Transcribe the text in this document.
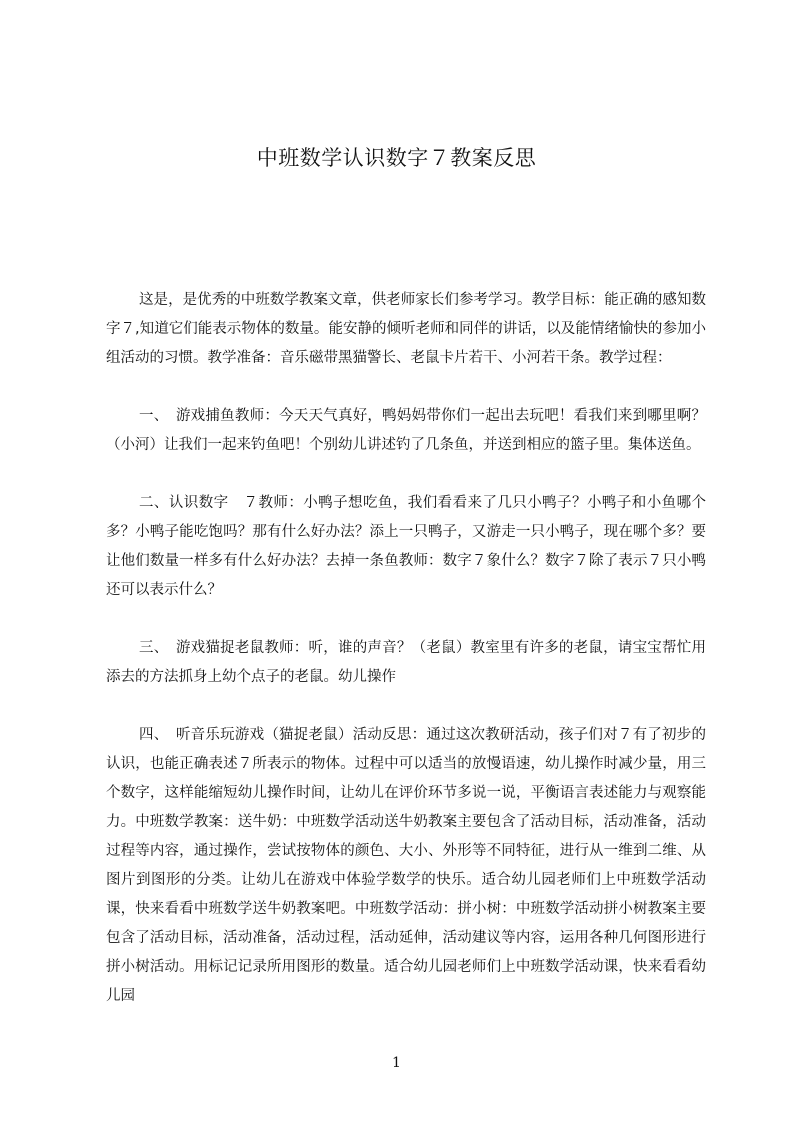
中班数学认识数字７教案反思

这是，是优秀的中班数学教案文章，供老师家长们参考学习。教学目标：能正确的感知数字７,知道它们能表示物体的数量。能安静的倾听老师和同伴的讲话，以及能情绪愉快的参加小组活动的习惯。教学准备：音乐磁带黑猫警长、老鼠卡片若干、小河若干条。教学过程：

一、　游戏捕鱼教师：今天天气真好，鸭妈妈带你们一起出去玩吧！看我们来到哪里啊？（小河）让我们一起来钓鱼吧！个别幼儿讲述钓了几条鱼，并送到相应的篮子里。集体送鱼。

二、认识数字　７教师：小鸭子想吃鱼，我们看看来了几只小鸭子？小鸭子和小鱼哪个多？小鸭子能吃饱吗？那有什么好办法？添上一只鸭子，又游走一只小鸭子，现在哪个多？要让他们数量一样多有什么好办法？去掉一条鱼教师：数字７象什么？数字７除了表示７只小鸭还可以表示什么？

三、　游戏猫捉老鼠教师：听，谁的声音？（老鼠）教室里有许多的老鼠，请宝宝帮忙用添去的方法抓身上幼个点子的老鼠。幼儿操作

四、　听音乐玩游戏（猫捉老鼠）活动反思：通过这次教研活动，孩子们对７有了初步的认识，也能正确表述７所表示的物体。过程中可以适当的放慢语速，幼儿操作时减少量，用三个数字，这样能缩短幼儿操作时间，让幼儿在评价环节多说一说，平衡语言表述能力与观察能力。中班数学教案：送牛奶：中班数学活动送牛奶教案主要包含了活动目标，活动准备，活动过程等内容，通过操作，尝试按物体的颜色、大小、外形等不同特征，进行从一维到二维、从图片到图形的分类。让幼儿在游戏中体验学数学的快乐。适合幼儿园老师们上中班数学活动课，快来看看中班数学送牛奶教案吧。中班数学活动：拼小树：中班数学活动拼小树教案主要包含了活动目标，活动准备，活动过程，活动延伸，活动建议等内容，运用各种几何图形进行拼小树活动。用标记记录所用图形的数量。适合幼儿园老师们上中班数学活动课，快来看看幼儿园

1
